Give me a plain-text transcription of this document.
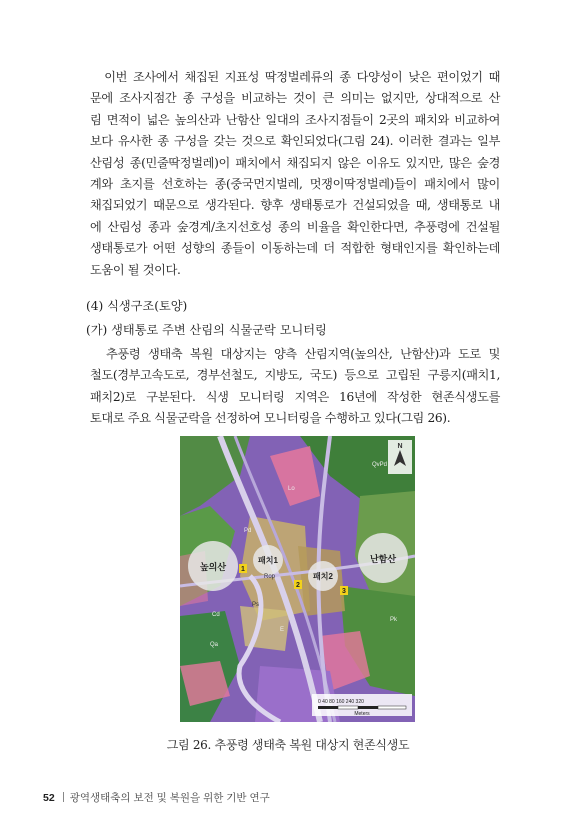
　이번 조사에서 채집된 지표성 딱정벌레류의 종 다양성이 낮은 편이었기 때
문에 조사지점간 종 구성을 비교하는 것이 큰 의미는 없지만, 상대적으로 산
림 면적이 넓은 높의산과 난함산 일대의 조사지점들이 2곳의 패치와 비교하여
보다 유사한 종 구성을 갖는 것으로 확인되었다(그림 24). 이러한 결과는 일부
산림성 종(민줄딱정벌레)이 패치에서 채집되지 않은 이유도 있지만, 많은 숲경
계와 초지를 선호하는 종(중국먼지벌레, 멋쟁이딱정벌레)들이 패치에서 많이
채집되었기 때문으로 생각된다. 향후 생태통로가 건설되었을 때, 생태통로 내
에 산림성 종과 숲경계/초지선호성 종의 비율을 확인한다면, 추풍령에 건설될
생태통로가 어떤 성향의 종들이 이동하는데 더 적합한 형태인지를 확인하는데
도움이 될 것이다.
(4) 식생구조(토양)
(가) 생태통로 주변 산림의 식물군락 모니터링
　추풍령 생태축 복원 대상지는 양측 산림지역(높의산, 난함산)과 도로 및
철도(경부고속도로, 경부선철도, 지방도, 국도) 등으로 고립된 구릉지(패치1,
패치2)로 구분된다. 식생 모니터링 지역은 16년에 작성한 현존식생도를
토대로 주요 식물군락을 선정하여 모니터링을 수행하고 있다(그림 26).
높의산
난함산
패치1
패치2
1
2
3
QvPd
Pd
Lo
Rop
Qa
Cd
Pk
E
Ps
N
0 40 80 160 240 320
Meters
그림 26. 추풍령 생태축 복원 대상지 현존식생도
52 광역생태축의 보전 및 복원을 위한 기반 연구
